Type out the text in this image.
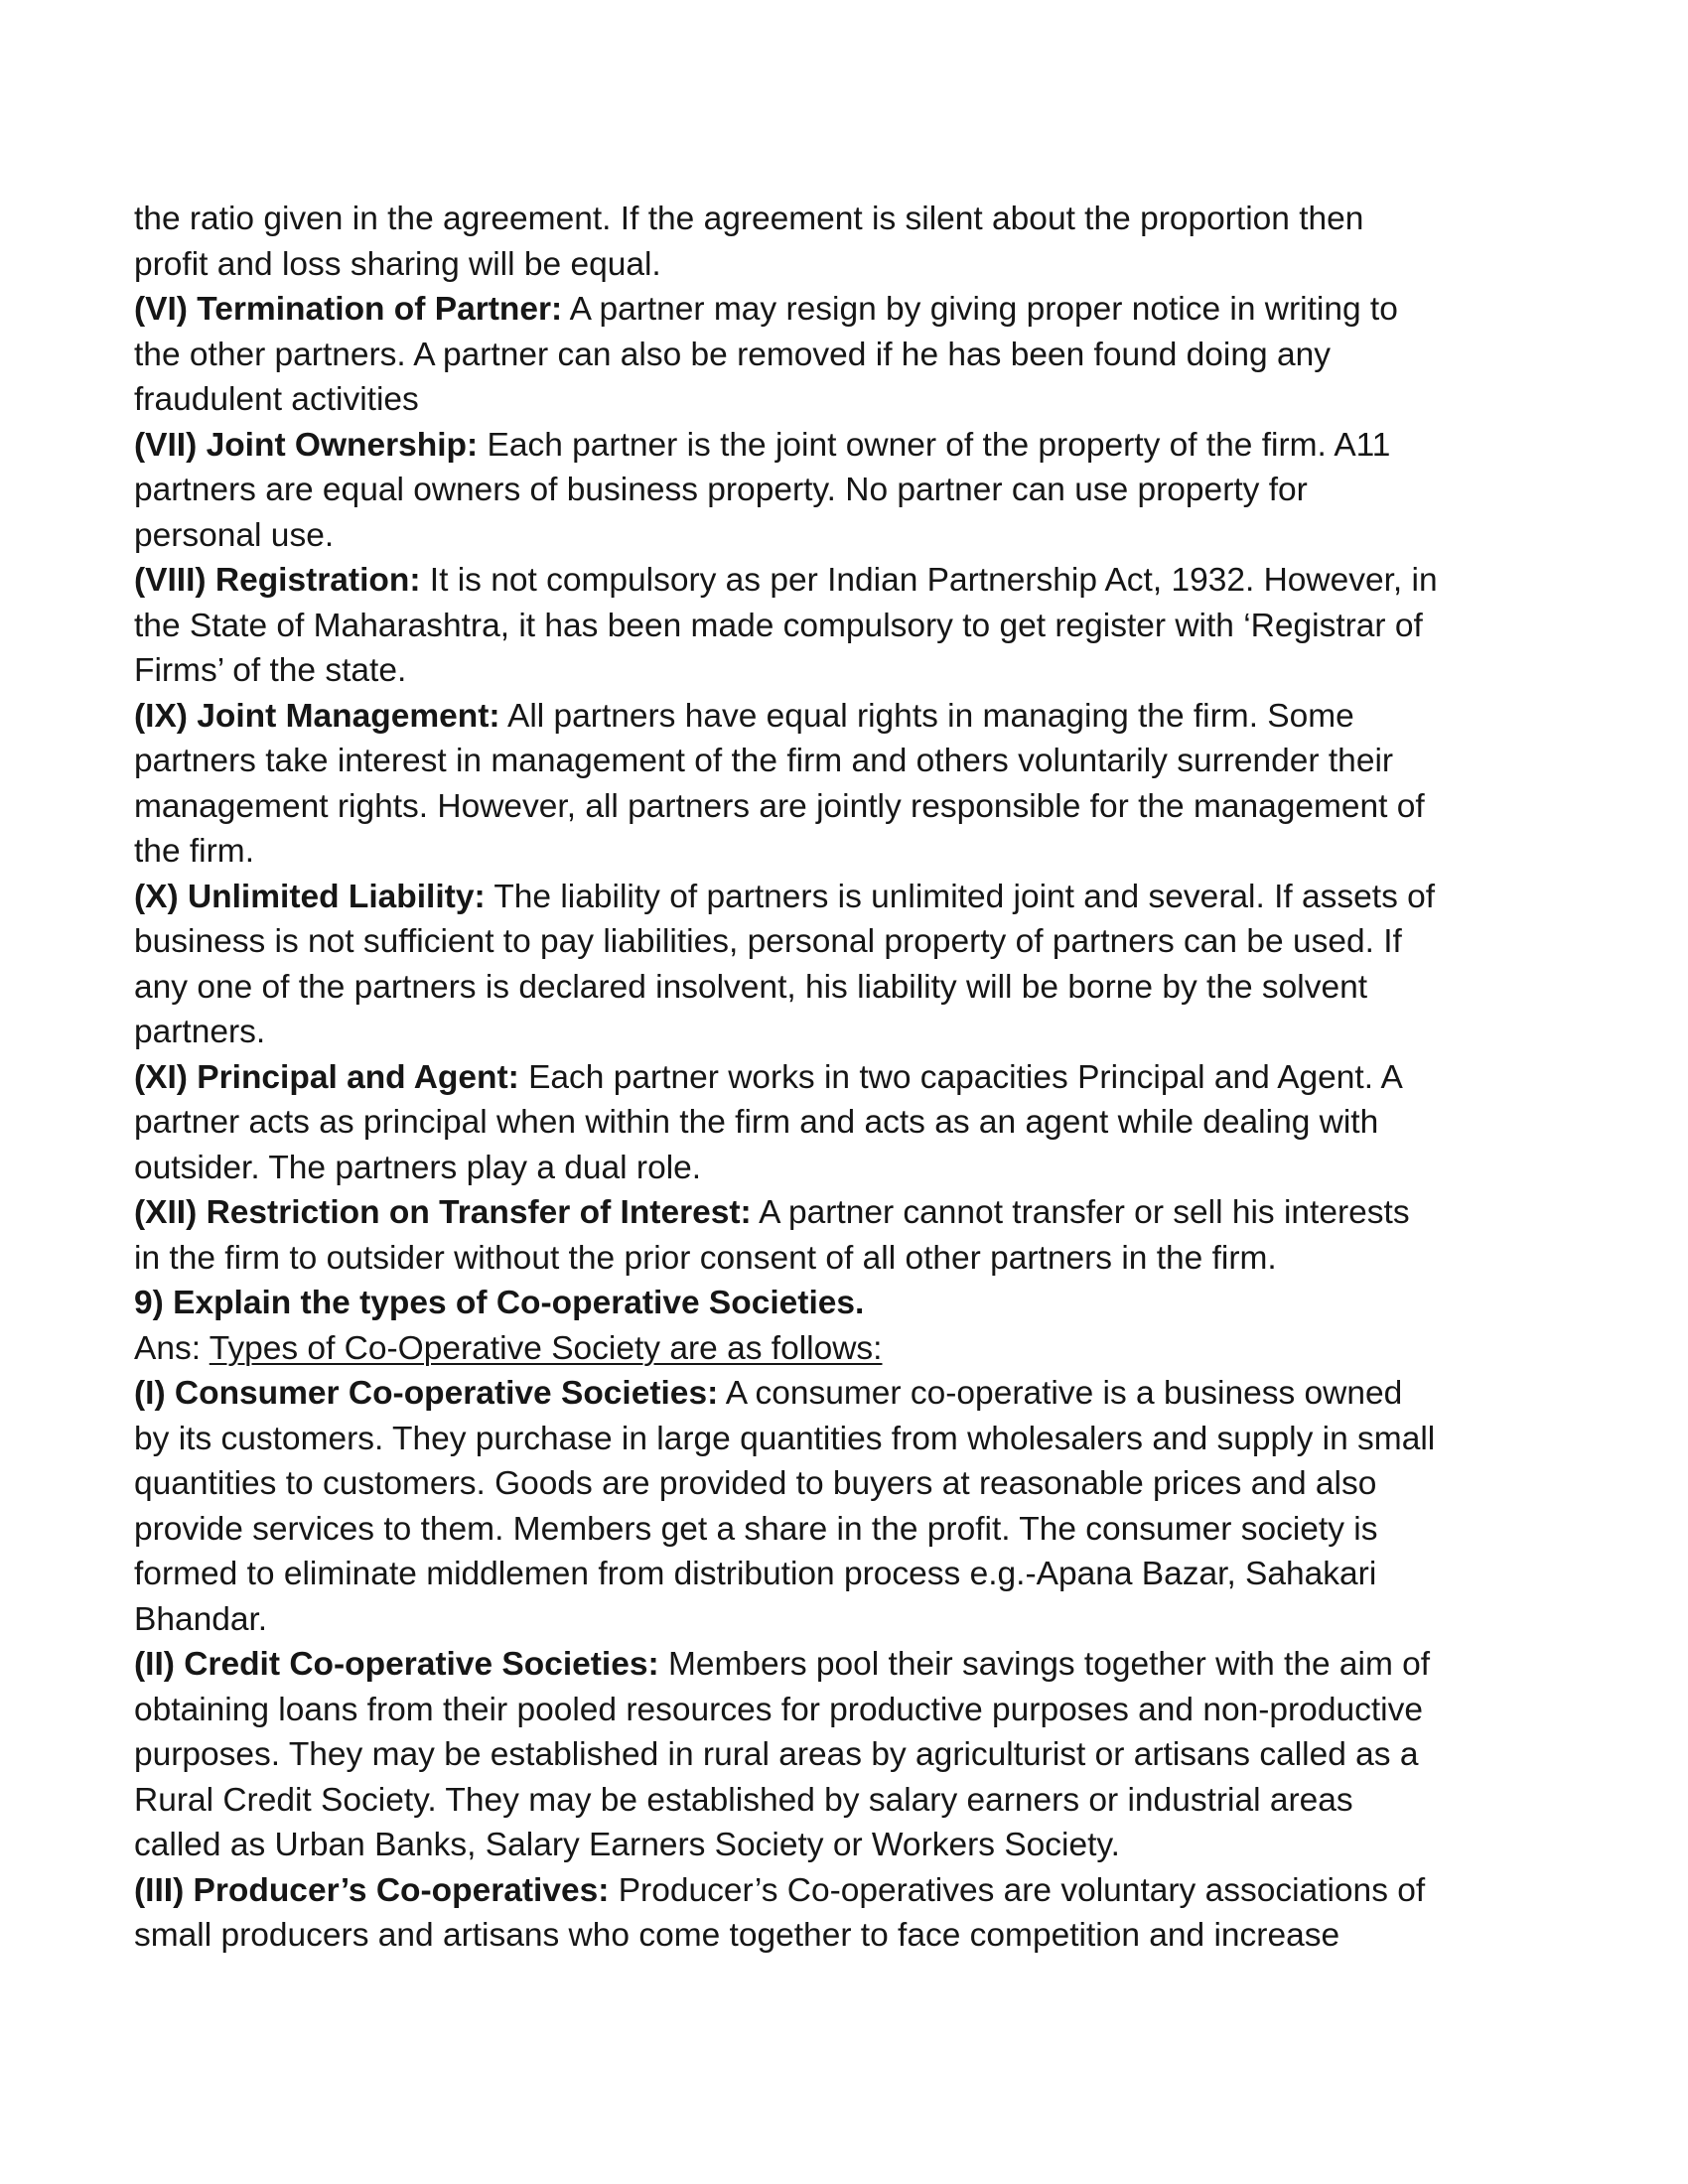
the ratio given in the agreement. If the agreement is silent about the proportion then
profit and loss sharing will be equal.
(VI) Termination of Partner: A partner may resign by giving proper notice in writing to
the other partners. A partner can also be removed if he has been found doing any
fraudulent activities
(VII) Joint Ownership: Each partner is the joint owner of the property of the firm. A11
partners are equal owners of business property. No partner can use property for
personal use.
(VIII) Registration: It is not compulsory as per Indian Partnership Act, 1932. However, in
the State of Maharashtra, it has been made compulsory to get register with ‘Registrar of
Firms’ of the state.
(IX) Joint Management: All partners have equal rights in managing the firm. Some
partners take interest in management of the firm and others voluntarily surrender their
management rights. However, all partners are jointly responsible for the management of
the firm.
(X) Unlimited Liability: The liability of partners is unlimited joint and several. If assets of
business is not sufficient to pay liabilities, personal property of partners can be used. If
any one of the partners is declared insolvent, his liability will be borne by the solvent
partners.
(XI) Principal and Agent: Each partner works in two capacities Principal and Agent. A
partner acts as principal when within the firm and acts as an agent while dealing with
outsider. The partners play a dual role.
(XII) Restriction on Transfer of Interest: A partner cannot transfer or sell his interests
in the firm to outsider without the prior consent of all other partners in the firm.
9) Explain the types of Co-operative Societies.
Ans: Types of Co-Operative Society are as follows:
(I) Consumer Co-operative Societies: A consumer co-operative is a business owned
by its customers. They purchase in large quantities from wholesalers and supply in small
quantities to customers. Goods are provided to buyers at reasonable prices and also
provide services to them. Members get a share in the profit. The consumer society is
formed to eliminate middlemen from distribution process e.g.-Apana Bazar, Sahakari
Bhandar.
(II) Credit Co-operative Societies: Members pool their savings together with the aim of
obtaining loans from their pooled resources for productive purposes and non-productive
purposes. They may be established in rural areas by agriculturist or artisans called as a
Rural Credit Society. They may be established by salary earners or industrial areas
called as Urban Banks, Salary Earners Society or Workers Society.
(III) Producer’s Co-operatives: Producer’s Co-operatives are voluntary associations of
small producers and artisans who come together to face competition and increase
